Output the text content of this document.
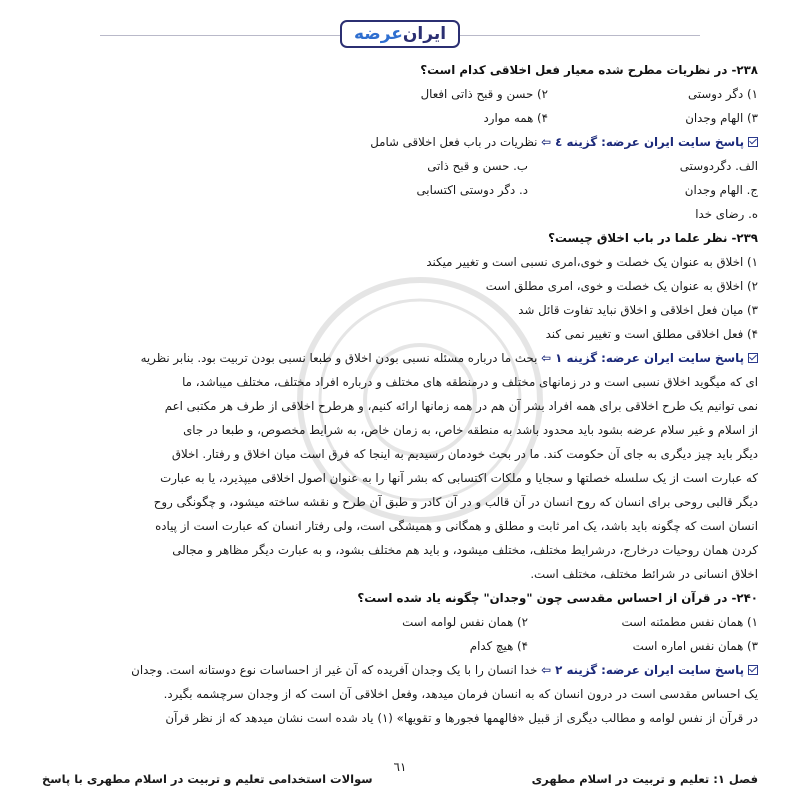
ایران
عرضه
۲۳۸- در نظریات مطرح شده معیار فعل اخلاقی کدام است؟
۱) دگر دوستی
۲) حسن و قبح ذاتی افعال
۳) الهام وجدان
۴) همه موارد
پاسخ سایت ایران عرضه: گزینه ٤ ⇦ نظریات در باب فعل اخلاقی شامل
الف. دگردوستی
ب. حسن و قبح ذاتی
ج. الهام وجدان
د. دگر دوستی اکتسابی
ه. رضای خدا
۲۳۹- نظر علما در باب اخلاق چیست؟
۱) اخلاق به عنوان یک خصلت و خوی،امری نسبی است و تغییر میکند
۲) اخلاق به عنوان یک خصلت و خوی، امری مطلق است
۳) میان فعل اخلاقی و اخلاق نباید تفاوت قائل شد
۴) فعل اخلاقی مطلق است و تغییر نمی کند
پاسخ سایت ایران عرضه: گزینه ١ ⇦ بحث ما درباره مسئله نسبی بودن اخلاق و طبعا نسبی بودن تربیت بود. بنابر نظریه
ای که میگوید اخلاق نسبی است و در زمانهای مختلف و درمنطقه های مختلف و درباره افراد مختلف، مختلف میباشد، ما
نمی توانیم یک طرح اخلاقی برای همه افراد بشر آن هم در همه زمانها ارائه کنیم، و هرطرح اخلاقی از طرف هر مکتبی اعم
از اسلام و غیر سلام عرضه بشود باید محدود باشد به منطقه خاص، به زمان خاص، به شرایط مخصوص، و طبعا در جای
دیگر باید چیز دیگری به جای آن حکومت کند. ما در بحث خودمان رسیدیم به اینجا که فرق است میان اخلاق و رفتار. اخلاق
که عبارت است از یک سلسله خصلتها و سجایا و ملکات اکتسابی که بشر آنها را به عنوان اصول اخلاقی میپذیرد، یا به عبارت
دیگر قالبی روحی برای انسان که روح انسان در آن قالب و در آن کادر و طبق آن طرح و نقشه ساخته میشود، و چگونگی روح
انسان است که چگونه باید باشد، یک امر ثابت و مطلق و همگانی و همیشگی است، ولی رفتار انسان که عبارت است از پیاده
کردن همان روحیات درخارج، درشرایط مختلف، مختلف میشود، و باید هم مختلف بشود، و به عبارت دیگر مظاهر و مجالی
اخلاق انسانی در شرائط مختلف، مختلف است.
۲۴۰- در قرآن از احساس مقدسی چون "وجدان" چگونه یاد شده است؟
۱) همان نفس مطمئنه است
۲) همان نفس لوامه است
۳) همان نفس اماره است
۴) هیچ کدام
پاسخ سایت ایران عرضه: گزینه ٢ ⇦ خدا انسان را با یک وجدان آفریده که آن غیر از احساسات نوع دوستانه است. وجدان
یک احساس مقدسی است در درون انسان که به انسان فرمان میدهد، وفعل اخلاقی آن است که از وجدان سرچشمه بگیرد.
در قرآن از نفس لوامه و مطالب دیگری از قبیل «فالهمها فجورها و تقویها» (۱) یاد شده است نشان میدهد که از نظر قرآن
٦١
فصل ۱: تعلیم و تربیت در اسلام مطهری
سوالات استخدامی تعلیم و تربیت در اسلام مطهری با پاسخ
